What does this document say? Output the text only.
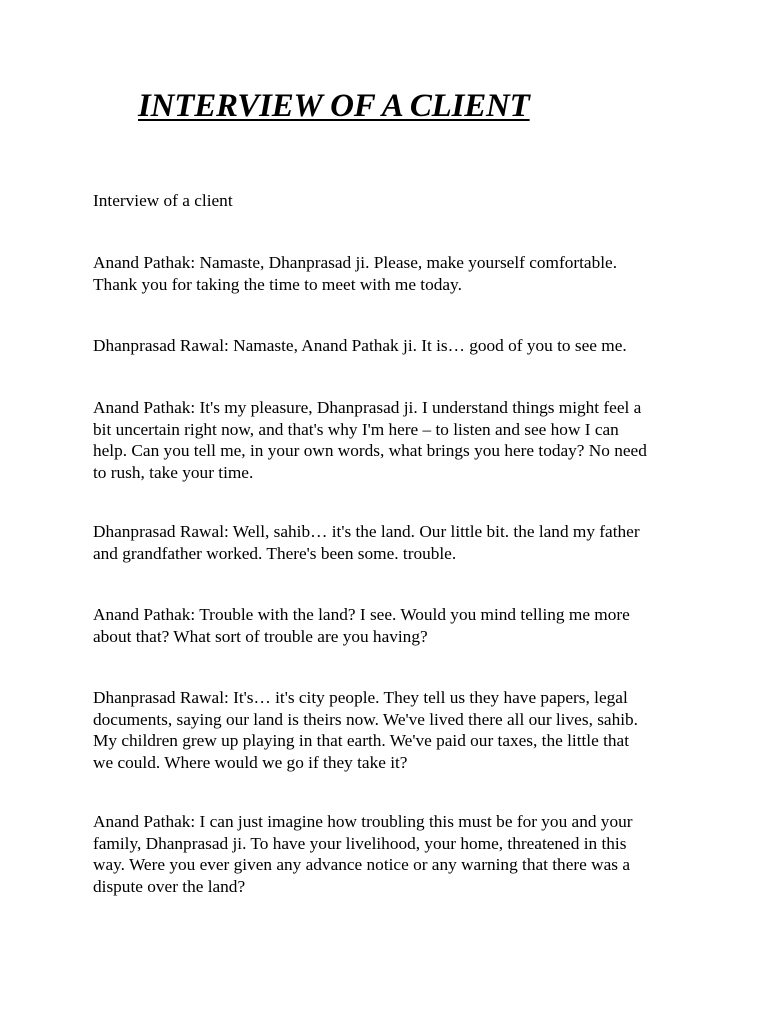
INTERVIEW OF A CLIENT

Interview of a client

Anand Pathak: Namaste, Dhanprasad ji. Please, make yourself comfortable.
Thank you for taking the time to meet with me today.

Dhanprasad Rawal: Namaste, Anand Pathak ji. It is… good of you to see me.

Anand Pathak: It's my pleasure, Dhanprasad ji. I understand things might feel a
bit uncertain right now, and that's why I'm here – to listen and see how I can
help. Can you tell me, in your own words, what brings you here today? No need
to rush, take your time.

Dhanprasad Rawal: Well, sahib… it's the land. Our little bit. the land my father
and grandfather worked. There's been some. trouble.

Anand Pathak: Trouble with the land? I see. Would you mind telling me more
about that? What sort of trouble are you having?

Dhanprasad Rawal: It's… it's city people. They tell us they have papers, legal
documents, saying our land is theirs now. We've lived there all our lives, sahib.
My children grew up playing in that earth. We've paid our taxes, the little that
we could. Where would we go if they take it?

Anand Pathak: I can just imagine how troubling this must be for you and your
family, Dhanprasad ji. To have your livelihood, your home, threatened in this
way. Were you ever given any advance notice or any warning that there was a
dispute over the land?
